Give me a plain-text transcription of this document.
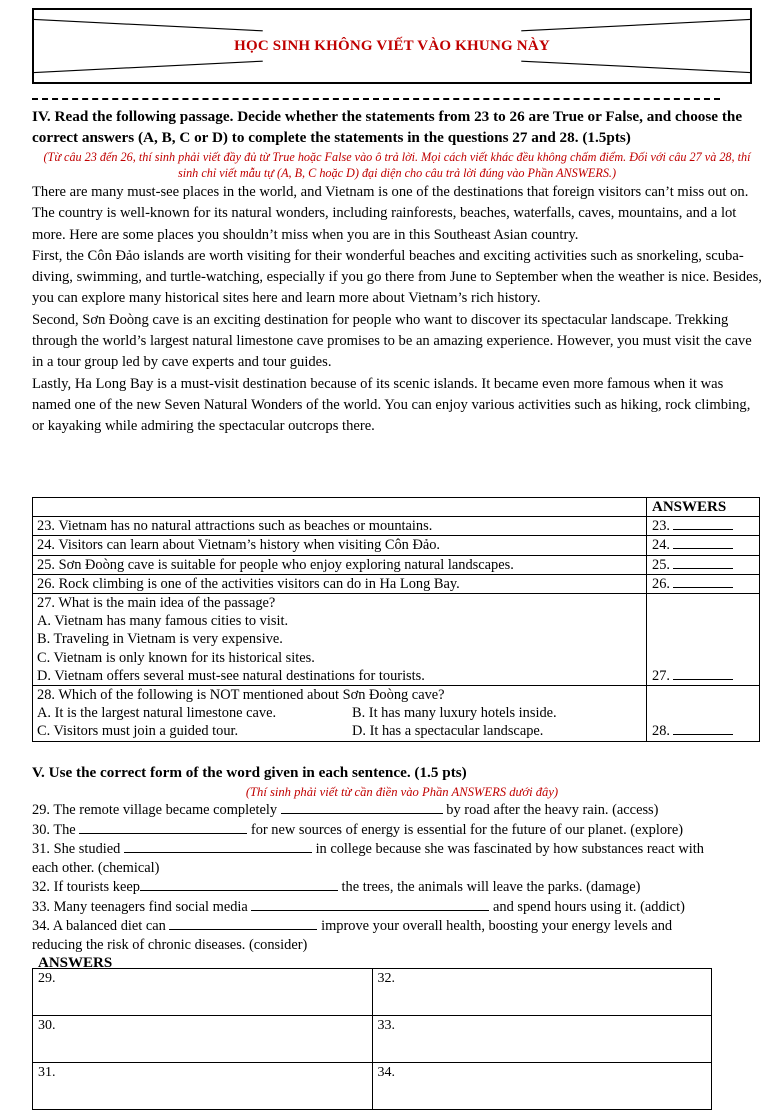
HỌC SINH KHÔNG VIẾT VÀO KHUNG NÀY
IV. Read the following passage. Decide whether the statements from 23 to 26 are True or False, and choose the correct answers (A, B, C or D) to complete the statements in the questions 27 and 28. (1.5pts)
(Từ câu 23 đến 26, thí sinh phải viết đầy đủ từ True hoặc False vào ô trả lời. Mọi cách viết khác đều không chấm điểm. Đối với câu 27 và 28, thí sinh chỉ viết mẫu tự (A, B, C hoặc D) đại diện cho câu trả lời đúng vào Phần ANSWERS.)
There are many must-see places in the world, and Vietnam is one of the destinations that foreign visitors can’t miss out on. The country is well-known for its natural wonders, including rainforests, beaches, waterfalls, caves, mountains, and a lot more. Here are some places you shouldn’t miss when you are in this Southeast Asian country.
First, the Côn Đảo islands are worth visiting for their wonderful beaches and exciting activities such as snorkeling, scuba-diving, swimming, and turtle-watching, especially if you go there from June to September when the weather is nice. Besides, you can explore many historical sites here and learn more about Vietnam’s rich history.
Second, Sơn Đoòng cave is an exciting destination for people who want to discover its spectacular landscape. Trekking through the world’s largest natural limestone cave promises to be an amazing experience. However, you must visit the cave in a tour group led by cave experts and tour guides.
Lastly, Ha Long Bay is a must-visit destination because of its scenic islands. It became even more famous when it was named one of the new Seven Natural Wonders of the world. You can enjoy various activities such as hiking, rock climbing, or kayaking while admiring the spectacular outcrops there.
	ANSWERS
23. Vietnam has no natural attractions such as beaches or mountains.	23.
24. Visitors can learn about Vietnam’s history when visiting Côn Đảo.	24.
25. Sơn Đoòng cave is suitable for people who enjoy exploring natural landscapes.	25.
26. Rock climbing is one of the activities visitors can do in Ha Long Bay.	26.

27. What is the main idea of the passage?
A. Vietnam has many famous cities to visit.
B. Traveling in Vietnam is very expensive.
C. Vietnam is only known for its historical sites.
D. Vietnam offers several must-see natural destinations for tourists.	27.

28. Which of the following is NOT mentioned about Sơn Đoòng cave?
A. It is the largest natural limestone cave. B. It has many luxury hotels inside.
C. Visitors must join a guided tour. D. It has a spectacular landscape.	28.
V. Use the correct form of the word given in each sentence. (1.5 pts)
(Thí sinh phải viết từ cần điền vào Phần ANSWERS dưới đây)
29. The remote village became completely	by road after the heavy rain. (access)
30. The	for new sources of energy is essential for the future of our planet. (explore)
31. She studied	in college because she was fascinated by how substances react with
each other. (chemical)
32. If tourists keep	the trees, the animals will leave the parks. (damage)
33. Many teenagers find social media	and spend hours using it. (addict)
34. A balanced diet can	improve your overall health, boosting your energy levels and
reducing the risk of chronic diseases. (consider)
ANSWERS
29.	32.
30.	33.
31.	34.
